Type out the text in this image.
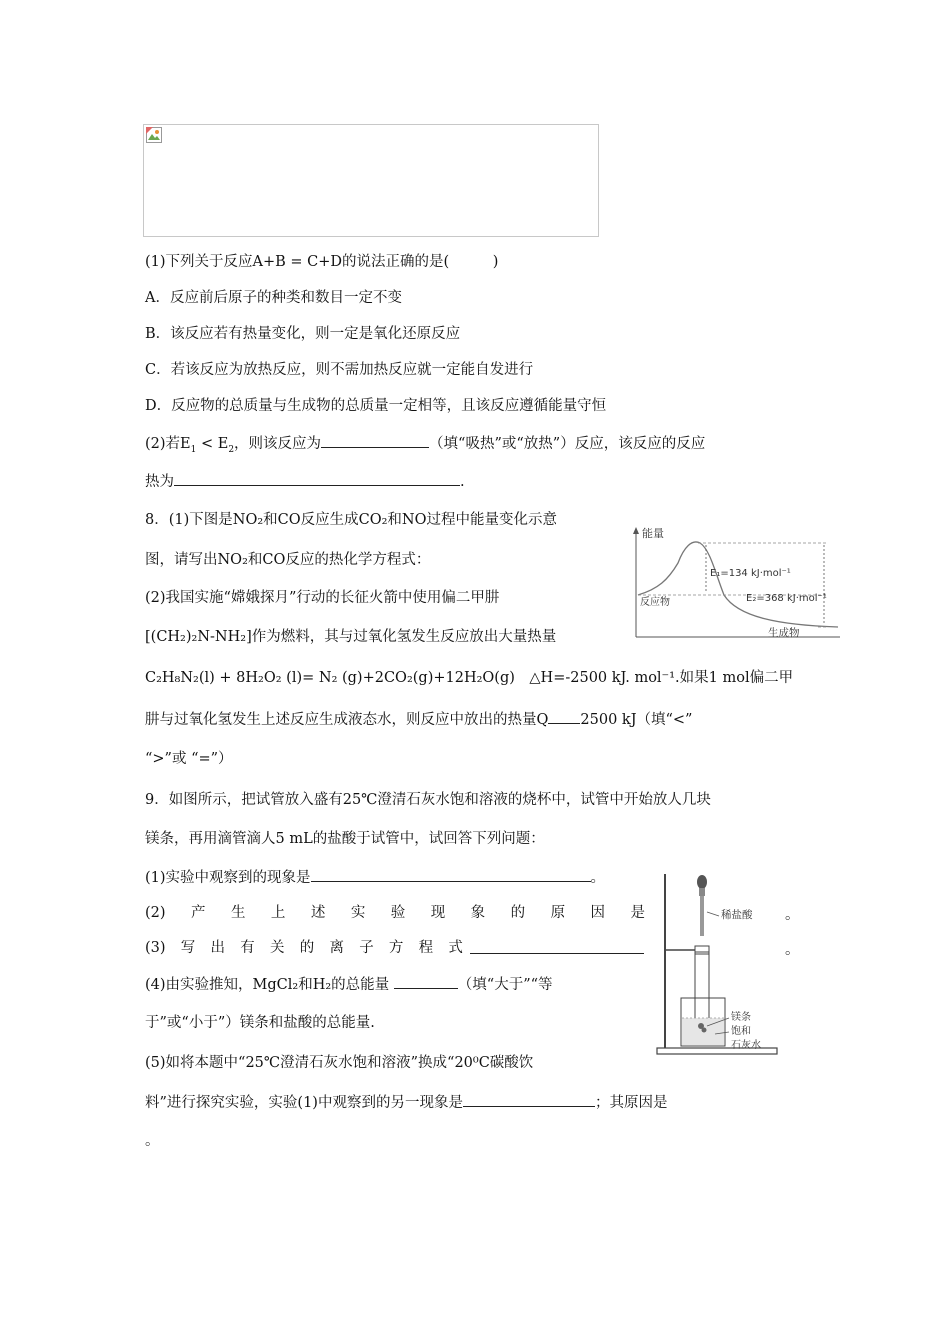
(1)下列关于反应A+B = C+D的说法正确的是(　　　)
A．反应前后原子的种类和数目一定不变
B．该反应若有热量变化，则一定是氧化还原反应
C．若该反应为放热反应，则不需加热反应就一定能自发进行
D．反应物的总质量与生成物的总质量一定相等，且该反应遵循能量守恒
(2)若$E_1 < E_2$，则该反应为	（填“吸热”或“放热”）反应，该反应的反应
热为	.
8．(1)下图是NO₂和CO反应生成CO₂和NO过程中能量变化示意
图，请写出NO₂和CO反应的热化学方程式：
(2)我国实施“嫦娥探月”行动的长征火箭中使用偏二甲肼
[(CH₂)₂N-NH₂]作为燃料，其与过氧化氢发生反应放出大量热量
C₂H₈N₂(l) + 8H₂O₂ (l)= N₂ (g)+2CO₂(g)+12H₂O(g)　△H=-2500 kJ. mol⁻¹.如果1 mol偏二甲
肼与过氧化氢发生上述反应生成液态水，则反应中放出的热量Q 2500 kJ（填“<”
“>”或 “=”）
能量
E₁=134 kJ·mol⁻¹
反应物	E₂=368 kJ·mol⁻¹
生成物
9．如图所示，把试管放入盛有25℃澄清石灰水饱和溶液的烧杯中，试管中开始放人几块
镁条，再用滴管滴人5 mL的盐酸于试管中，试回答下列问题：
(1)实验中观察到的现象是	。
(2) 产 生 上 述 实 验 现 象 的 原 因 是	。
(3) 写 出 有 关 的 离 子 方 程 式	。
(4)由实验推知，MgCl₂和H₂的总能量	（填“大于”“等
于”或“小于”）镁条和盐酸的总能量.
(5)如将本题中“25℃澄清石灰水饱和溶液”换成“20⁰C碳酸饮
料”进行探究实验，实验(1)中观察到的另一现象是	；其原因是
。
稀盐酸
镁条
饱和
石灰水
